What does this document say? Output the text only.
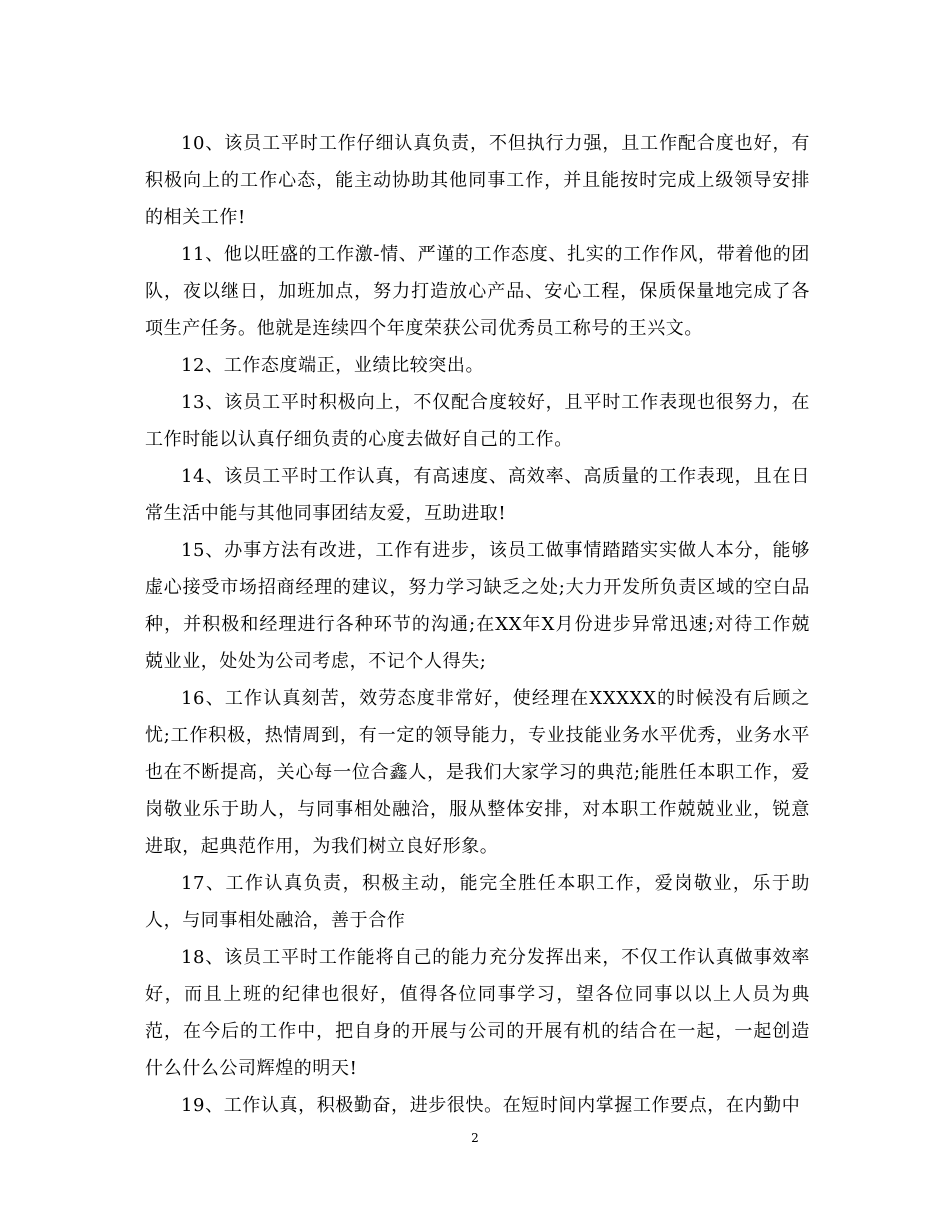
10、该员工平时工作仔细认真负责，不但执行力强，且工作配合度也好，有积极向上的工作心态，能主动协助其他同事工作，并且能按时完成上级领导安排的相关工作!

11、他以旺盛的工作激-情、严谨的工作态度、扎实的工作作风，带着他的团队，夜以继日，加班加点，努力打造放心产品、安心工程，保质保量地完成了各项生产任务。他就是连续四个年度荣获公司优秀员工称号的王兴文。

12、工作态度端正，业绩比较突出。

13、该员工平时积极向上，不仅配合度较好，且平时工作表现也很努力，在工作时能以认真仔细负责的心度去做好自己的工作。

14、该员工平时工作认真，有高速度、高效率、高质量的工作表现，且在日常生活中能与其他同事团结友爱，互助进取!

15、办事方法有改进，工作有进步，该员工做事情踏踏实实做人本分，能够虚心接受市场招商经理的建议，努力学习缺乏之处;大力开发所负责区域的空白品种，并积极和经理进行各种环节的沟通;在XX年X月份进步异常迅速;对待工作兢兢业业，处处为公司考虑，不记个人得失;

16、工作认真刻苦，效劳态度非常好，使经理在XXXXX的时候没有后顾之忧;工作积极，热情周到，有一定的领导能力，专业技能业务水平优秀，业务水平也在不断提高，关心每一位合鑫人，是我们大家学习的典范;能胜任本职工作，爱岗敬业乐于助人，与同事相处融洽，服从整体安排，对本职工作兢兢业业，锐意进取，起典范作用，为我们树立良好形象。

17、工作认真负责，积极主动，能完全胜任本职工作，爱岗敬业，乐于助人，与同事相处融洽，善于合作

18、该员工平时工作能将自己的能力充分发挥出来，不仅工作认真做事效率好，而且上班的纪律也很好，值得各位同事学习，望各位同事以以上人员为典范，在今后的工作中，把自身的开展与公司的开展有机的结合在一起，一起创造什么什么公司辉煌的明天!

19、工作认真，积极勤奋，进步很快。在短时间内掌握工作要点，在内勤中

2
